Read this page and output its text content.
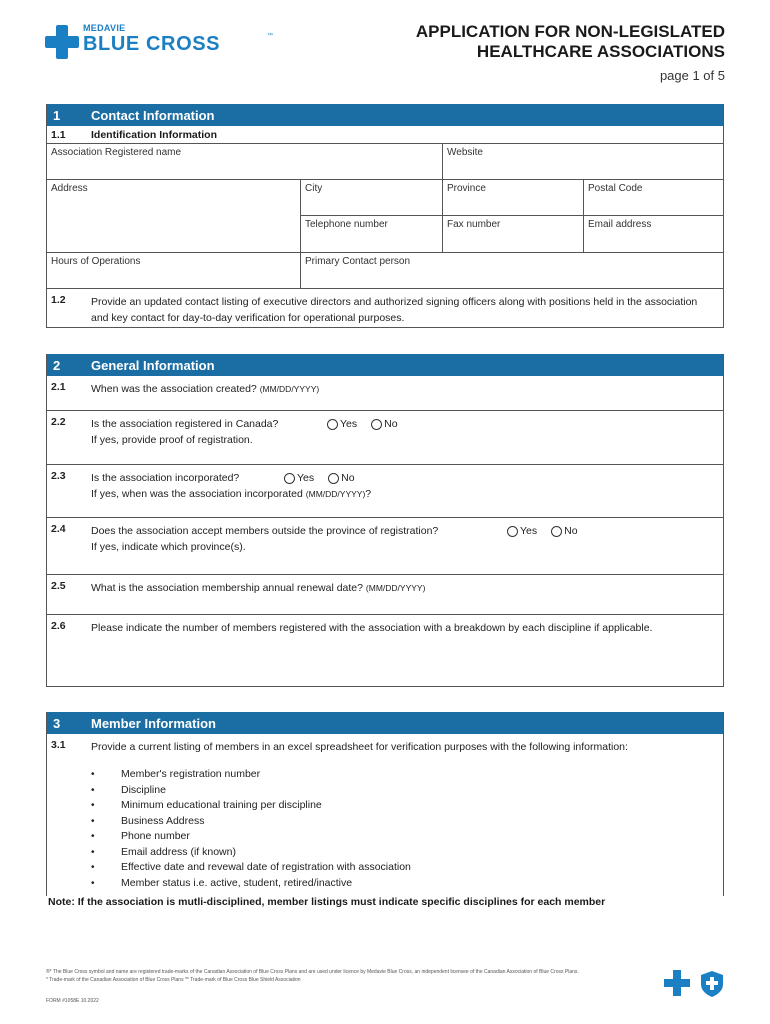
MEDAVIE
BLUE CROSS	™	APPLICATION FOR NON-LEGISLATED
HEALTHCARE ASSOCIATIONS
page 1 of 5
1	Contact Information
1.1	Identification Information
Association Registered name	Website
Address	City	Province	Postal Code
Telephone number	Fax number	Email address
Hours of Operations	Primary Contact person
1.2	Provide an updated contact listing of executive directors and authorized signing officers along with positions held in the association and key contact for day-to-day verification for operational purposes.
2	General Information
2.1	When was the association created? (MM/DD/YYYY)
2.2	Is the association registered in Canada?
If yes, provide proof of registration.
Yes	No
2.3	Is the association incorporated?
If yes, when was the association incorporated (MM/DD/YYYY)?
Yes	No
2.4	Does the association accept members outside the province of registration?
If yes, indicate which province(s).
Yes	No
2.5	What is the association membership annual renewal date? (MM/DD/YYYY)
2.6	Please indicate the number of members registered with the association with a breakdown by each discipline if applicable.
3	Member Information
3.1	Provide a current listing of members in an excel spreadsheet for verification purposes with the following information:
•	Member's registration number
•	Discipline
•	Minimum educational training per discipline
•	Business Address
•	Phone number
•	Email address (if known)
•	Effective date and revewal date of registration with association
•	Member status i.e. active, student, retired/inactive
Note: If the association is mutli-disciplined, member listings must indicate specific disciplines for each member
®* The Blue Cross symbol and name are registered trade-marks of the Canadian Association of Blue Cross Plans and are used under licence by Medavie Blue Cross, an independent licensee of the Canadian Association of Blue Cross Plans.
* Trade-mark of the Canadian Association of Blue Cross Plans ** Trade-mark of Blue Cross Blue Shield Association
FORM #1058E 10.2022
